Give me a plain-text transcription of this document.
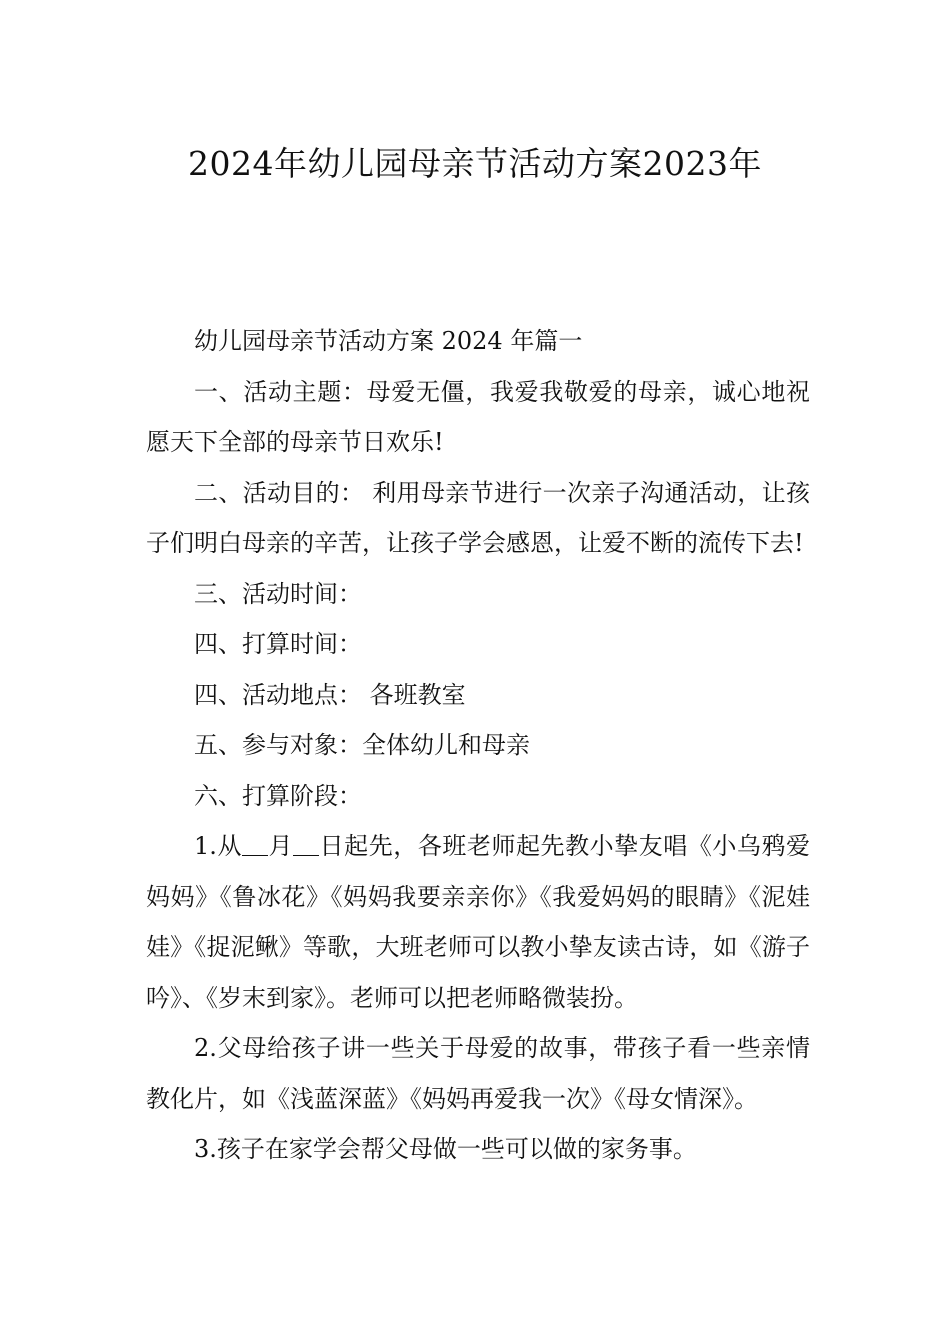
2024年幼儿园母亲节活动方案2023年

幼儿园母亲节活动方案 2024 年篇一

一、活动主题：母爱无僵，我爱我敬爱的母亲，诚心地祝愿天下全部的母亲节日欢乐!

二、活动目的： 利用母亲节进行一次亲子沟通活动，让孩子们明白母亲的辛苦，让孩子学会感恩，让爱不断的流传下去!

三、活动时间：

四、打算时间：

四、活动地点： 各班教室

五、参与对象：全体幼儿和母亲

六、打算阶段：

1.从 月 日起先，各班老师起先教小挚友唱《小乌鸦爱妈妈》《鲁冰花》《妈妈我要亲亲你》《我爱妈妈的眼睛》《泥娃娃》《捉泥鳅》等歌，大班老师可以教小挚友读古诗，如《游子吟》、《岁末到家》。老师可以把老师略微装扮。

2.父母给孩子讲一些关于母爱的故事，带孩子看一些亲情教化片，如《浅蓝深蓝》《妈妈再爱我一次》《母女情深》。

3.孩子在家学会帮父母做一些可以做的家务事。
